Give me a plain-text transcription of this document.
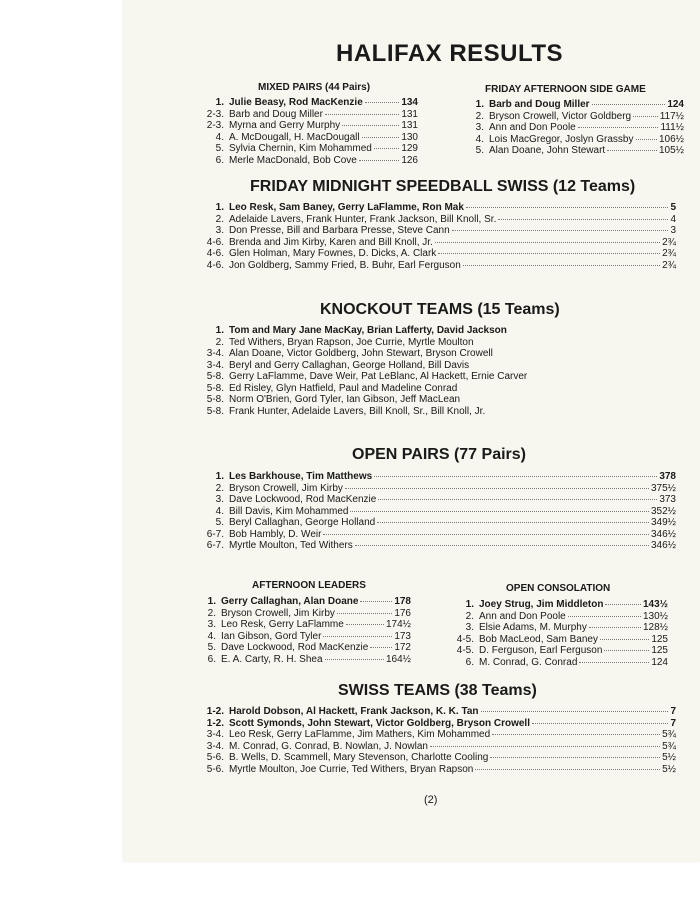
HALIFAX RESULTS
MIXED PAIRS (44 Pairs)
1. Julie Beasy, Rod MacKenzie	134
2-3. Barb and Doug Miller	131
2-3. Myrna and Gerry Murphy	131
4. A. McDougall, H. MacDougall	130
5. Sylvia Chernin, Kim Mohammed	129
6. Merle MacDonald, Bob Cove	126
FRIDAY AFTERNOON SIDE GAME
1. Barb and Doug Miller	124
2. Bryson Crowell, Victor Goldberg	117½
3. Ann and Don Poole	111½
4. Lois MacGregor, Joslyn Grassby	106½
5. Alan Doane, John Stewart	105½
FRIDAY MIDNIGHT SPEEDBALL SWISS (12 Teams)
1. Leo Resk, Sam Baney, Gerry LaFlamme, Ron Mak	5
2. Adelaide Lavers, Frank Hunter, Frank Jackson, Bill Knoll, Sr.	4
3. Don Presse, Bill and Barbara Presse, Steve Cann	3
4-6. Brenda and Jim Kirby, Karen and Bill Knoll, Jr.	2¾
4-6. Glen Holman, Mary Fownes, D. Dicks, A. Clark	2¾
4-6. Jon Goldberg, Sammy Fried, B. Buhr, Earl Ferguson	2¾
KNOCKOUT TEAMS (15 Teams)
1. Tom and Mary Jane MacKay, Brian Lafferty, David Jackson
2. Ted Withers, Bryan Rapson, Joe Currie, Myrtle Moulton
3-4. Alan Doane, Victor Goldberg, John Stewart, Bryson Crowell
3-4. Beryl and Gerry Callaghan, George Holland, Bill Davis
5-8. Gerry LaFlamme, Dave Weir, Pat LeBlanc, Al Hackett, Ernie Carver
5-8. Ed Risley, Glyn Hatfield, Paul and Madeline Conrad
5-8. Norm O'Brien, Gord Tyler, Ian Gibson, Jeff MacLean
5-8. Frank Hunter, Adelaide Lavers, Bill Knoll, Sr., Bill Knoll, Jr.
OPEN PAIRS (77 Pairs)
1. Les Barkhouse, Tim Matthews	378
2. Bryson Crowell, Jim Kirby	375½
3. Dave Lockwood, Rod MacKenzie	373
4. Bill Davis, Kim Mohammed	352½
5. Beryl Callaghan, George Holland	349½
6-7. Bob Hambly, D. Weir	346½
6-7. Myrtle Moulton, Ted Withers	346½
AFTERNOON LEADERS
1. Gerry Callaghan, Alan Doane	178
2. Bryson Crowell, Jim Kirby	176
3. Leo Resk, Gerry LaFlamme	174½
4. Ian Gibson, Gord Tyler	173
5. Dave Lockwood, Rod MacKenzie	172
6. E. A. Carty, R. H. Shea	164½
OPEN CONSOLATION
1. Joey Strug, Jim Middleton	143½
2. Ann and Don Poole	130½
3. Elsie Adams, M. Murphy	128½
4-5. Bob MacLeod, Sam Baney	125
4-5. D. Ferguson, Earl Ferguson	125
6. M. Conrad, G. Conrad	124
SWISS TEAMS (38 Teams)
1-2. Harold Dobson, Al Hackett, Frank Jackson, K. K. Tan	7
1-2. Scott Symonds, John Stewart, Victor Goldberg, Bryson Crowell	7
3-4. Leo Resk, Gerry LaFlamme, Jim Mathers, Kim Mohammed	5¾
3-4. M. Conrad, G. Conrad, B. Nowlan, J. Nowlan	5¾
5-6. B. Wells, D. Scammell, Mary Stevenson, Charlotte Cooling	5½
5-6. Myrtle Moulton, Joe Currie, Ted Withers, Bryan Rapson	5½
(2)
